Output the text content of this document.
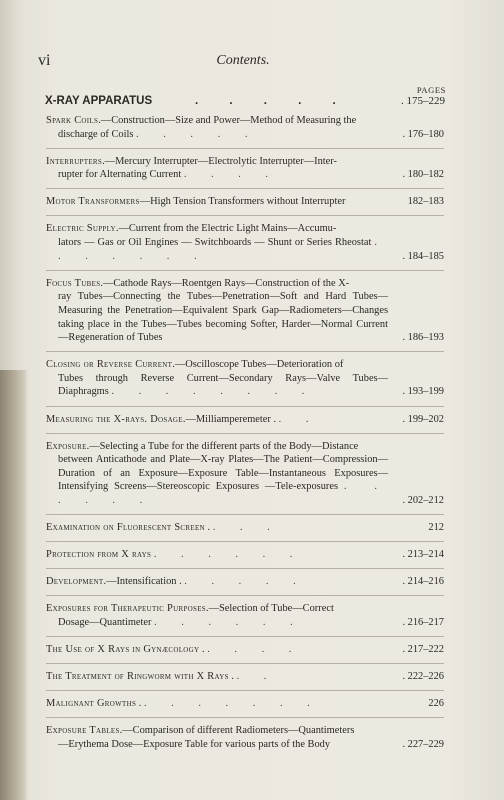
vi	Contents.
PAGES
X-RAY APPARATUS	. . . . .	. 175–229
Spark Coils.—Construction—Size and Power—Method of Measuring the
discharge of Coils . . . . .	. 176–180
Interrupters.—Mercury Interrupter—Electrolytic Interrupter—Inter-
rupter for Alternating Current . . . .	. 180–182
Motor Transformers—High Tension Transformers without Interrupter	182–183
Electric Supply.—Current from the Electric Light Mains—Accumu-
lators — Gas or Oil Engines — Switchboards — Shunt or Series Rheostat . . . . . . .	. 184–185
Focus Tubes.—Cathode Rays—Roentgen Rays—Construction of the X-
ray Tubes—Connecting the Tubes—Penetration—Soft and Hard Tubes—Measuring the Penetration—Equivalent Spark Gap—Radiometers—Changes taking place in the Tubes—Tubes becoming Softer, Harder—Normal Current—Regeneration of Tubes	. 186–193
Closing or Reverse Current.—Oscilloscope Tubes—Deterioration of
Tubes through Reverse Current—Secondary Rays—Valve Tubes—Diaphragms . . . . . . . .	. 193–199
Measuring the X-rays. Dosage.—Milliamperemeter . . .	. 199–202
Exposure.—Selecting a Tube for the different parts of the Body—Distance
between Anticathode and Plate—X-ray Plates—The Patient—Compression—Duration of an Exposure—Exposure Table—Instantaneous Exposures—Intensifying Screens—Stereoscopic Exposures —Tele-exposures . . . . . .	. 202–212
Examination on Fluorescent Screen . . . .	212
Protection from X rays . . . . . .	. 213–214
Development.—Intensification . . . . . .	. 214–216
Exposures for Therapeutic Purposes.—Selection of Tube—Correct
Dosage—Quantimeter . . . . . .	. 216–217
The Use of X Rays in Gynæcology . . . . .	. 217–222
The Treatment of Ringworm with X Rays . . .	. 222–226
Malignant Growths . . . . . . . .	226
Exposure Tables.—Comparison of different Radiometers—Quantimeters
—Erythema Dose—Exposure Table for various parts of the Body	. 227–229
